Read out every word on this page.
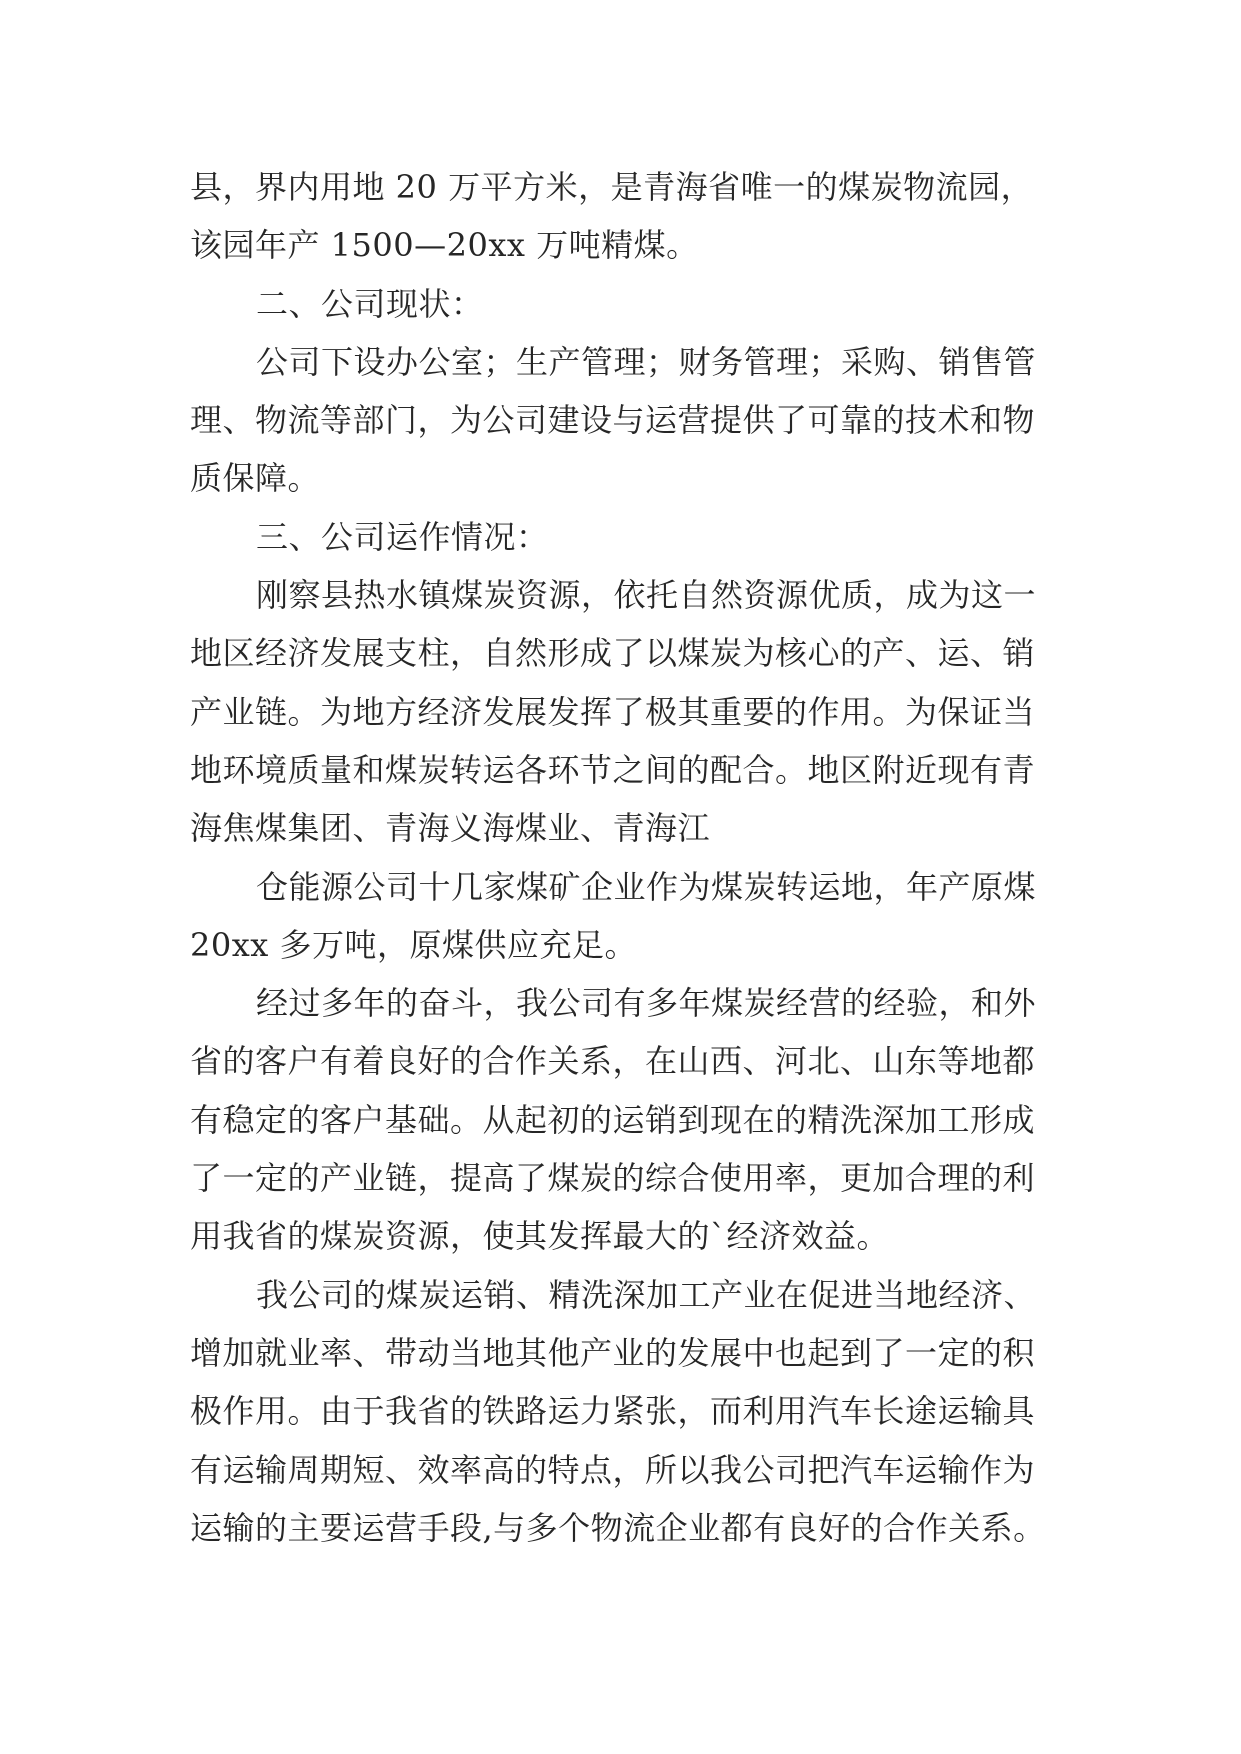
县，界内用地 20 万平方米，是青海省唯一的煤炭物流园，
该园年产 1500—20xx 万吨精煤。
二、公司现状：
公司下设办公室；生产管理；财务管理；采购、销售管
理、物流等部门，为公司建设与运营提供了可靠的技术和物
质保障。
三、公司运作情况：
刚察县热水镇煤炭资源，依托自然资源优质，成为这一
地区经济发展支柱，自然形成了以煤炭为核心的产、运、销
产业链。为地方经济发展发挥了极其重要的作用。为保证当
地环境质量和煤炭转运各环节之间的配合。地区附近现有青
海焦煤集团、青海义海煤业、青海江
仓能源公司十几家煤矿企业作为煤炭转运地，年产原煤
20xx 多万吨，原煤供应充足。
经过多年的奋斗，我公司有多年煤炭经营的经验，和外
省的客户有着良好的合作关系，在山西、河北、山东等地都
有稳定的客户基础。从起初的运销到现在的精洗深加工形成
了一定的产业链，提高了煤炭的综合使用率，更加合理的利
用我省的煤炭资源，使其发挥最大的`经济效益。
我公司的煤炭运销、精洗深加工产业在促进当地经济、
增加就业率、带动当地其他产业的发展中也起到了一定的积
极作用。由于我省的铁路运力紧张，而利用汽车长途运输具
有运输周期短、效率高的特点，所以我公司把汽车运输作为
运输的主要运营手段,与多个物流企业都有良好的合作关系。
